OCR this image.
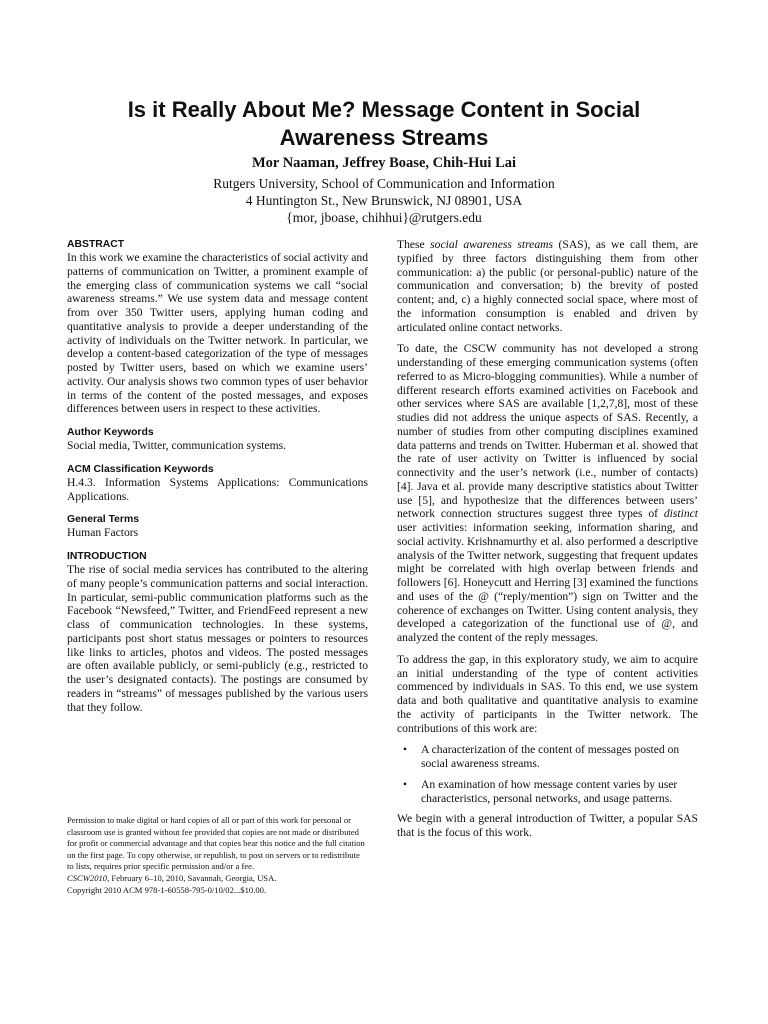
Is it Really About Me? Message Content in Social
Awareness Streams
Mor Naaman, Jeffrey Boase, Chih-Hui Lai
Rutgers University, School of Communication and Information
4 Huntington St., New Brunswick, NJ 08901, USA
{mor, jboase, chihhui}@rutgers.edu

ABSTRACT

In this work we examine the characteristics of social activity and patterns of communication on Twitter, a prominent example of the emerging class of communication systems we call “social awareness streams.” We use system data and message content from over 350 Twitter users, applying human coding and quantitative analysis to provide a deeper understanding of the activity of individuals on the Twitter network. In particular, we develop a content-based categorization of the type of messages posted by Twitter users, based on which we examine users’ activity. Our analysis shows two common types of user behavior in terms of the content of the posted messages, and exposes differences between users in respect to these activities.

Author Keywords

Social media, Twitter, communication systems.

ACM Classification Keywords

H.4.3. Information Systems Applications: Communications Applications.

General Terms

Human Factors

INTRODUCTION

The rise of social media services has contributed to the altering of many people’s communication patterns and social interaction. In particular, semi-public communication platforms such as the Facebook “Newsfeed,” Twitter, and FriendFeed represent a new class of communication technologies. In these systems, participants post short status messages or pointers to resources like links to articles, photos and videos. The posted messages are often available publicly, or semi-publicly (e.g., restricted to the user’s designated contacts). The postings are consumed by readers in “streams” of messages published by the various users that they follow.

Permission to make digital or hard copies of all or part of this work for personal or classroom use is granted without fee provided that copies are not made or distributed for profit or commercial advantage and that copies bear this notice and the full citation on the first page. To copy otherwise, or republish, to post on servers or to redistribute to lists, requires prior specific permission and/or a fee.

CSCW2010, February 6–10, 2010, Savannah, Georgia, USA.

Copyright 2010 ACM 978-1-60558-795-0/10/02...$10.00.

These social awareness streams (SAS), as we call them, are typified by three factors distinguishing them from other communication: a) the public (or personal-public) nature of the communication and conversation; b) the brevity of posted content; and, c) a highly connected social space, where most of the information consumption is enabled and driven by articulated online contact networks.

To date, the CSCW community has not developed a strong understanding of these emerging communication systems (often referred to as Micro-blogging communities). While a number of different research efforts examined activities on Facebook and other services where SAS are available [1,2,7,8], most of these studies did not address the unique aspects of SAS. Recently, a number of studies from other computing disciplines examined data patterns and trends on Twitter. Huberman et al. showed that the rate of user activity on Twitter is influenced by social connectivity and the user’s network (i.e., number of contacts) [4]. Java et al. provide many descriptive statistics about Twitter use [5], and hypothesize that the differences between users’ network connection structures suggest three types of distinct user activities: information seeking, information sharing, and social activity. Krishnamurthy et al. also performed a descriptive analysis of the Twitter network, suggesting that frequent updates might be correlated with high overlap between friends and followers [6]. Honeycutt and Herring [3] examined the functions and uses of the @ (“reply/mention”) sign on Twitter and the coherence of exchanges on Twitter. Using content analysis, they developed a categorization of the functional use of @, and analyzed the content of the reply messages.

To address the gap, in this exploratory study, we aim to acquire an initial understanding of the type of content activities commenced by individuals in SAS. To this end, we use system data and both qualitative and quantitative analysis to examine the activity of participants in the Twitter network. The contributions of this work are:

• A characterization of the content of messages posted on social awareness streams.
• An examination of how message content varies by user characteristics, personal networks, and usage patterns.

We begin with a general introduction of Twitter, a popular SAS that is the focus of this work.
